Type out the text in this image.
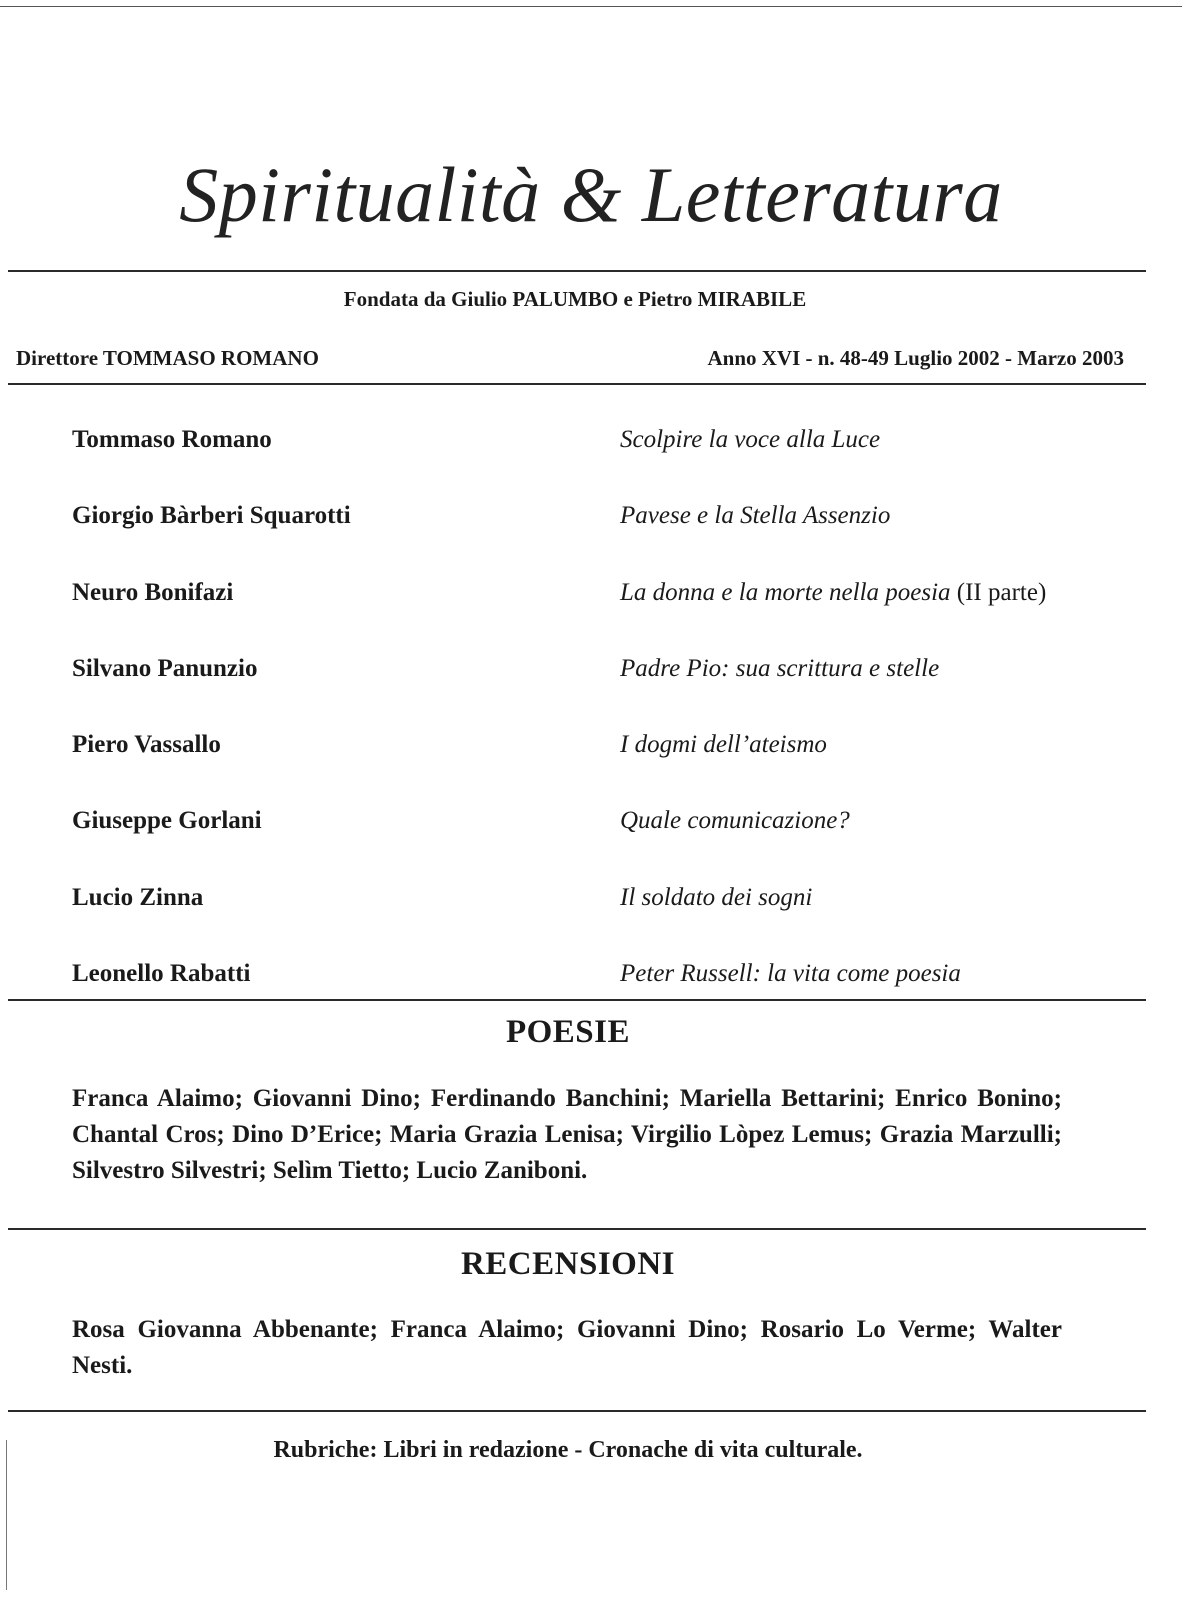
Spiritualità & Letteratura
Fondata da Giulio PALUMBO e Pietro MIRABILE
Direttore TOMMASO ROMANO	Anno XVI - n. 48-49 Luglio 2002 - Marzo 2003
Tommaso Romano	Scolpire la voce alla Luce
Giorgio Bàrberi Squarotti	Pavese e la Stella Assenzio
Neuro Bonifazi	La donna e la morte nella poesia (II parte)
Silvano Panunzio	Padre Pio: sua scrittura e stelle
Piero Vassallo	I dogmi dell’ateismo
Giuseppe Gorlani	Quale comunicazione?
Lucio Zinna	Il soldato dei sogni
Leonello Rabatti	Peter Russell: la vita come poesia
POESIE
Franca Alaimo; Giovanni Dino; Ferdinando Banchini; Mariella Bettarini; Enrico Bonino; Chantal Cros; Dino D’Erice; Maria Grazia Lenisa; Virgilio Lòpez Lemus; Grazia Marzulli; Silvestro Silvestri; Selìm Tietto; Lucio Zaniboni.
RECENSIONI
Rosa Giovanna Abbenante; Franca Alaimo; Giovanni Dino; Rosario Lo Verme; Walter Nesti.
Rubriche: Libri in redazione - Cronache di vita culturale.
